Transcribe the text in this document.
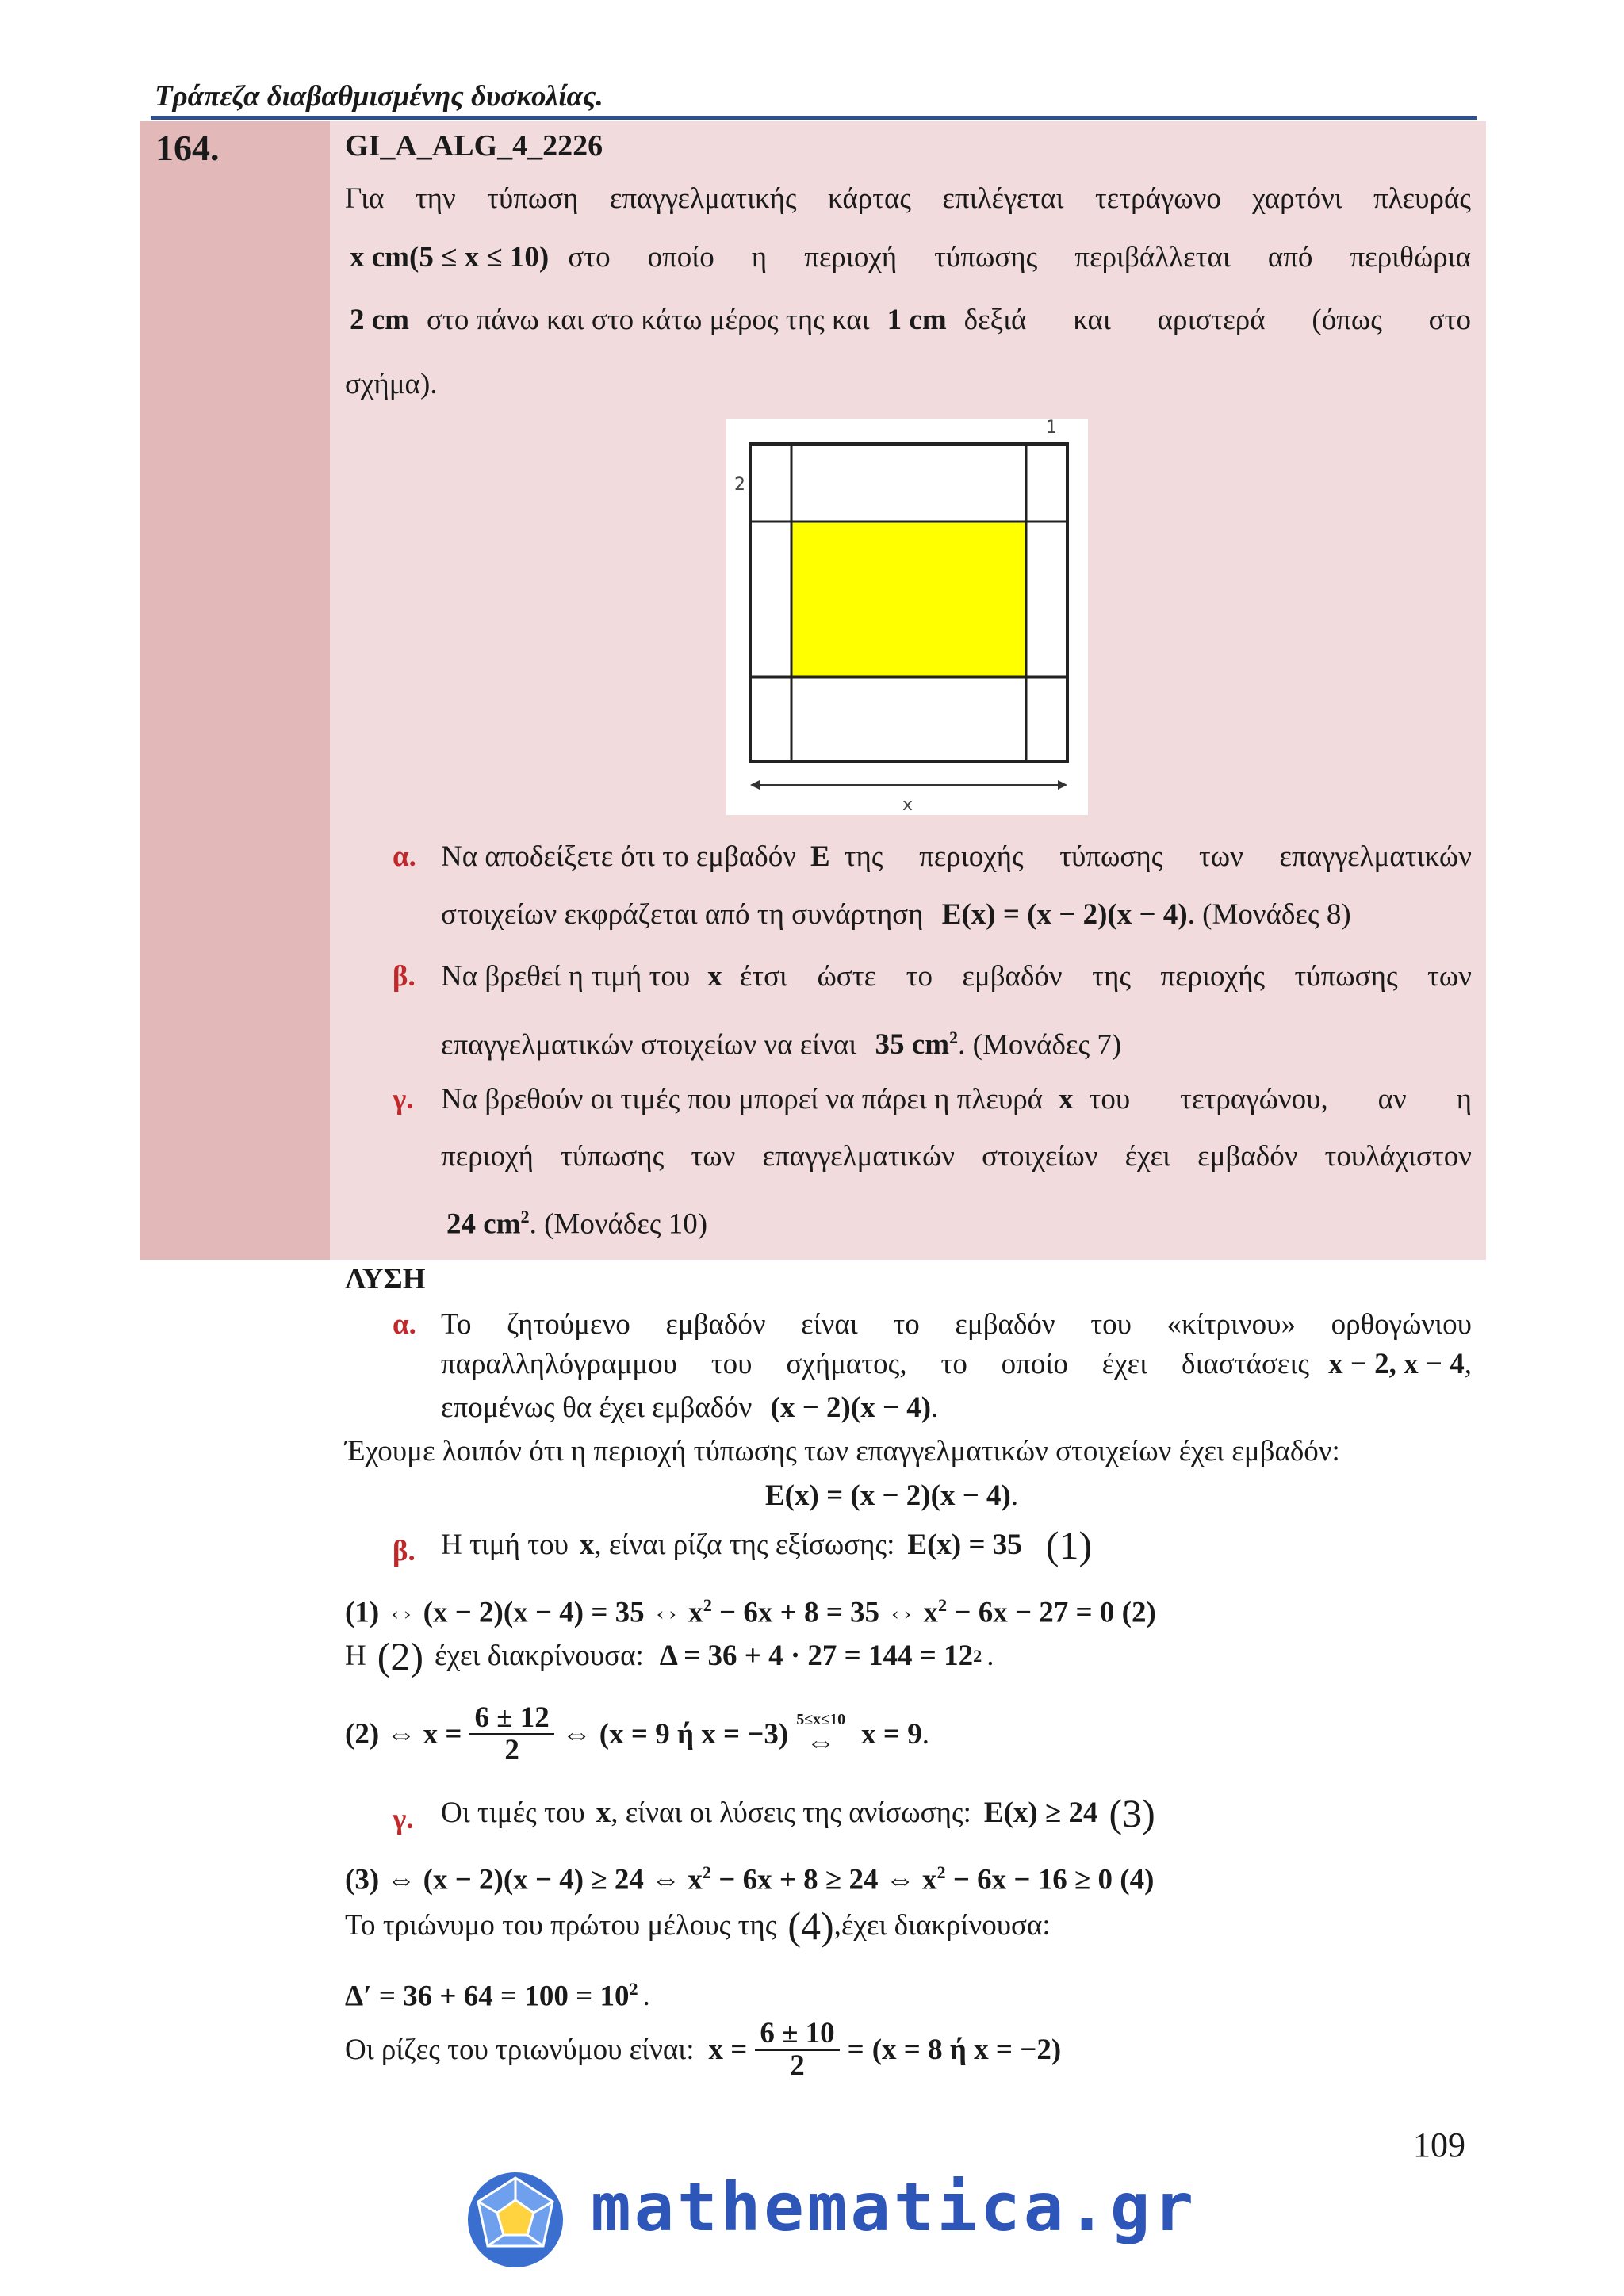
Τράπεζα διαβαθμισμένης δυσκολίας.
164.	GI_A_ALG_4_2226
Για την τύπωση επαγγελματικής κάρτας επιλέγεται τετράγωνο χαρτόνι πλευράς
x cm (5 ≤ x ≤ 10) στο οποίο η περιοχή τύπωσης περιβάλλεται από περιθώρια
2 cm στο πάνω και στο κάτω μέρος της και 1 cm δεξιά και αριστερά (όπως στο
σχήμα).
2
1
x
α. Να αποδείξετε ότι το εμβαδόν E της περιοχής τύπωσης των επαγγελματικών
στοιχείων εκφράζεται από τη συνάρτηση E(x) = (x − 2)(x − 4). (Μονάδες 8)
β. Να βρεθεί η τιμή του x έτσι ώστε το εμβαδόν της περιοχής τύπωσης των
επαγγελματικών στοιχείων να είναι 35 $cm^2$. (Μονάδες 7)
γ. Να βρεθούν οι τιμές που μπορεί να πάρει η πλευρά x του τετραγώνου, αν η
περιοχή τύπωσης των επαγγελματικών στοιχείων έχει εμβαδόν τουλάχιστον
24 $cm^2$. (Μονάδες 10)
ΛΥΣΗ
α. Το ζητούμενο εμβαδόν είναι το εμβαδόν του «κίτρινου» ορθογώνιου
παραλληλόγραμμου του σχήματος, το οποίο έχει διαστάσεις x − 2, x − 4 ,
επομένως θα έχει εμβαδόν (x − 2)(x − 4).
Έχουμε λοιπόν ότι η περιοχή τύπωσης των επαγγελματικών στοιχείων έχει εμβαδόν:
E(x) = (x − 2)(x − 4).
β. Η τιμή του x , είναι ρίζα της εξίσωσης: E(x) = 35 (1)
(1) ⇔ (x − 2)(x − 4) = 35 ⇔ $x^2 - 6x + 8 = 35$ ⇔ $x^2 - 6x - 27 = 0$ (2)
Η (2) έχει διακρίνουσα: Δ = 36 + 4 · 27 = 144 = 12 2 .
(2) ⇔ $x = \frac{6 \pm 12}{2}$ ⇔ (x = 9 ή x = −3) 5≤x≤10
⇔ x = 9 .
γ. Οι τιμές του x , είναι οι λύσεις της ανίσωσης: E(x) ≥ 24 (3)
(3) ⇔ (x − 2)(x − 4) ≥ 24 ⇔ $x^2 - 6x + 8 \ge 24$ ⇔ $x^2 - 6x - 16 \ge 0$ (4)
Το τριώνυμο του πρώτου μέλους της (4) ,έχει διακρίνουσα:
$\Delta' = 36 + 64 = 100 = 10^2$ .
Οι ρίζες του τριωνύμου είναι: $x = \frac{6 \pm 10}{2} = (x = 8$ ή x = −2)
109
mathematica.gr
